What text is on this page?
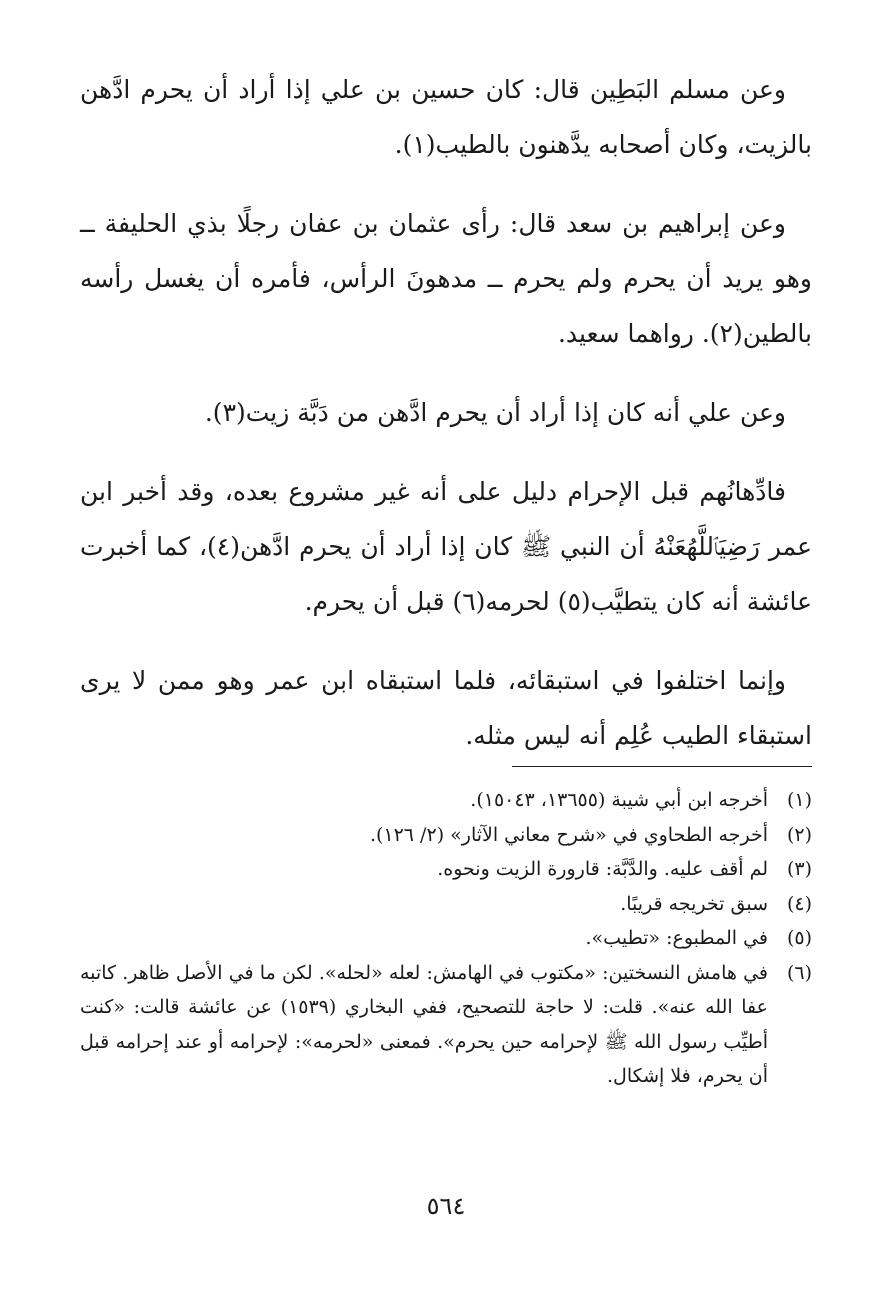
وعن مسلم البَطِين قال: كان حسين بن علي إذا أراد أن يحرم ادَّهن بالزيت، وكان أصحابه يدَّهنون بالطيب(١).

وعن إبراهيم بن سعد قال: رأى عثمان بن عفان رجلًا بذي الحليفة ــ وهو يريد أن يحرم ولم يحرم ــ مدهونَ الرأس، فأمره أن يغسل رأسه بالطين(٢). رواهما سعيد.

وعن علي أنه كان إذا أراد أن يحرم ادَّهن من دَبَّة زيت(٣).

فادِّهانُهم قبل الإحرام دليل على أنه غير مشروع بعده، وقد أخبر ابن عمر رَضِيَٱللَّهُعَنْهُ أن النبي ﷺ كان إذا أراد أن يحرم ادَّهن(٤)، كما أخبرت عائشة أنه كان يتطيَّب(٥) لحرمه(٦) قبل أن يحرم.

وإنما اختلفوا في استبقائه، فلما استبقاه ابن عمر وهو ممن لا يرى استبقاء الطيب عُلِم أنه ليس مثله.

(١)
أخرجه ابن أبي شيبة (١٣٦٥٥، ١٥٠٤٣).
(٢)
أخرجه الطحاوي في «شرح معاني الآثار» (٢/ ١٢٦).
(٣)
لم أقف عليه. والدَّبَّة: قارورة الزيت ونحوه.
(٤)
سبق تخريجه قريبًا.
(٥)
في المطبوع: «تطيب».
(٦)
في هامش النسختين: «مكتوب في الهامش: لعله «لحله». لكن ما في الأصل ظاهر. كاتبه عفا الله عنه». قلت: لا حاجة للتصحيح، ففي البخاري (١٥٣٩) عن عائشة قالت: «كنت أطيِّب رسول الله ﷺ لإحرامه حين يحرم». فمعنى «لحرمه»: لإحرامه أو عند إحرامه قبل أن يحرم، فلا إشكال.
٥٦٤
